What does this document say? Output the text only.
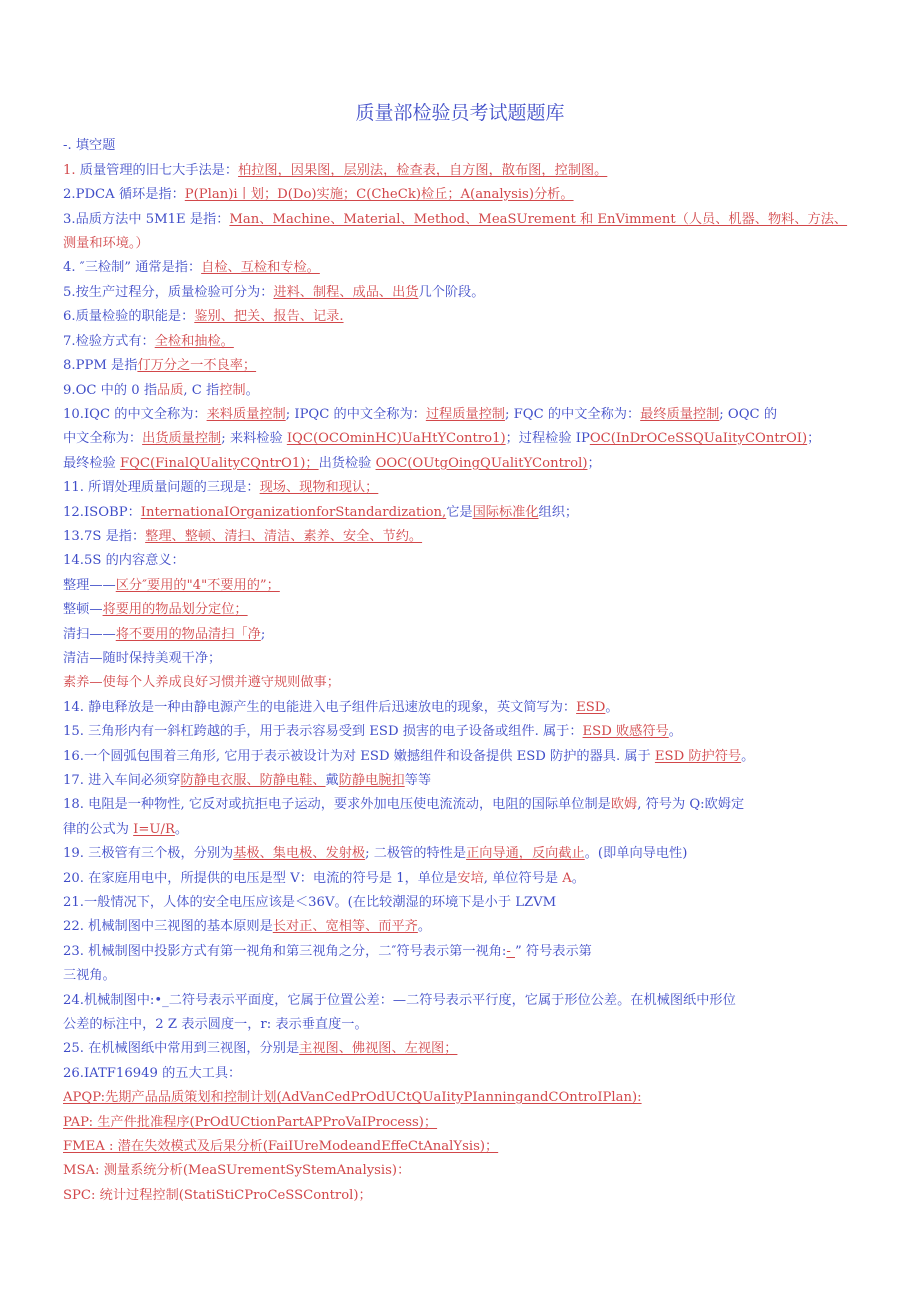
质量部检验员考试题题库
-. 填空题
1. 质量管理的旧七大手法是：柏拉图，因果图，层别法，检查表，自方图，散布图，控制图。
2.PDCA 循环是指：P(Plan)i丨划；D(Do)实施；C(CheCk)检丘；A(analysis)分析。
3.品质方法中 5M1E 是指：Man、Machine、Material、Method、MeaSUrement 和 EnVimment（人员、机器、物料、方法、
测量和环境。）
4. ″三检制” 通常是指：自检、互检和专检。
5.按生产过程分，质量检验可分为：进料、制程、成品、出货几个阶段。
6.质量检验的职能是：鉴别、把关、报告、记录.
7.检验方式有：全检和抽检。
8.PPM 是指仃万分之一不良率；
9.OC 中的 0 指品质, C 指控制。
10.IQC 的中文全称为：来料质量控制; IPQC 的中文全称为：过程质量控制; FQC 的中文全称为：最终质量控制; OQC 的
中文全称为：出货质量控制; 来料检验 IQC(OCOminHC)UaHtYContro1)；过程检验 IPOC(InDrOCeSSQUaIityCOntrOI)；
最终检验 FQC(FinalQUalityCQntrO1)；出货检验 OOC(OUtgOingQUalitYControl)；
11. 所谓处理质量问题的三现是：现场、现物和现认；
12.ISOBP：InternationaIOrganizationforStandardization,它是国际标准化组织；
13.7S 是指：整理、整顿、清扫、清洁、素养、安全、节约。
14.5S 的内容意义：
整理——区分″要用的"4"不要用的”；
整顿—将要用的物品划分定位；
清扫——将不要用的物品清扫「净;
清洁—随时保持美观干净；
素养—使每个人养成良好习惯并遵守规则做事；
14. 静电释放是一种由静电源产生的电能进入电子组件后迅速放电的现象，英文简写为：ESD。
15. 三角形内有一斜杠跨越的手，用于表示容易受到 ESD 损害的电子设备或组件. 属于：ESD 败感符号。
16.一个圆弧包围着三角形, 它用于表示被设计为对 ESD 嫩撼组件和设备提供 ESD 防护的器具. 属于 ESD 防护符号。
17. 进入车间必须穿防静电衣服、防静电鞋、戴防静电腕扣等等
18. 电阻是一种物性, 它反对或抗拒电子运动，要求外加电压使电流流动，电阻的国际单位制是欧姆, 符号为 Q:欧姆定
律的公式为 I=U/R。
19. 三极管有三个极，分别为基极、集电极、发射极; 二极管的特性是正向导通，反向截止。(即单向导电性)
20. 在家庭用电中，所提供的电压是型 V：电流的符号是 1，单位是安培, 单位符号是 A。
21.一般情况下，人体的安全电压应该是＜36V。(在比较潮湿的环境下是小于 LZVM
22. 机械制图中三视图的基本原则是长对正、宽相等、而平齐。
23. 机械制图中投影方式有第一视角和第三视角之分，二″符号表示第一视角:- ” 符号表示第
三视角。
24.机械制图中:•_二符号表示平面度，它属于位置公差：—二符号表示平行度，它属于形位公差。在机械图纸中形位
公差的标注中，2 Z 表示圆度一，r: 表示垂直度一。
25. 在机械图纸中常用到三视图，分别是主视图、佛视图、左视图；
26.IATF16949 的五大工具：
APQP:先期产品品质策划和控制计划(AdVanCedPrOdUCtQUaIityPIanningandCOntroIPlan):
PAP: 生产件批准程序(PrOdUCtionPartAPProVaIProcess)；
FMEA : 潜在失效模式及后果分析(FaiIUreModeandEffeCtAnalYsis)；
MSA: 测量系统分析(MeaSUrementSyStemAnalysis)：
SPC: 统计过程控制(StatiStiCProCeSSControl)；
